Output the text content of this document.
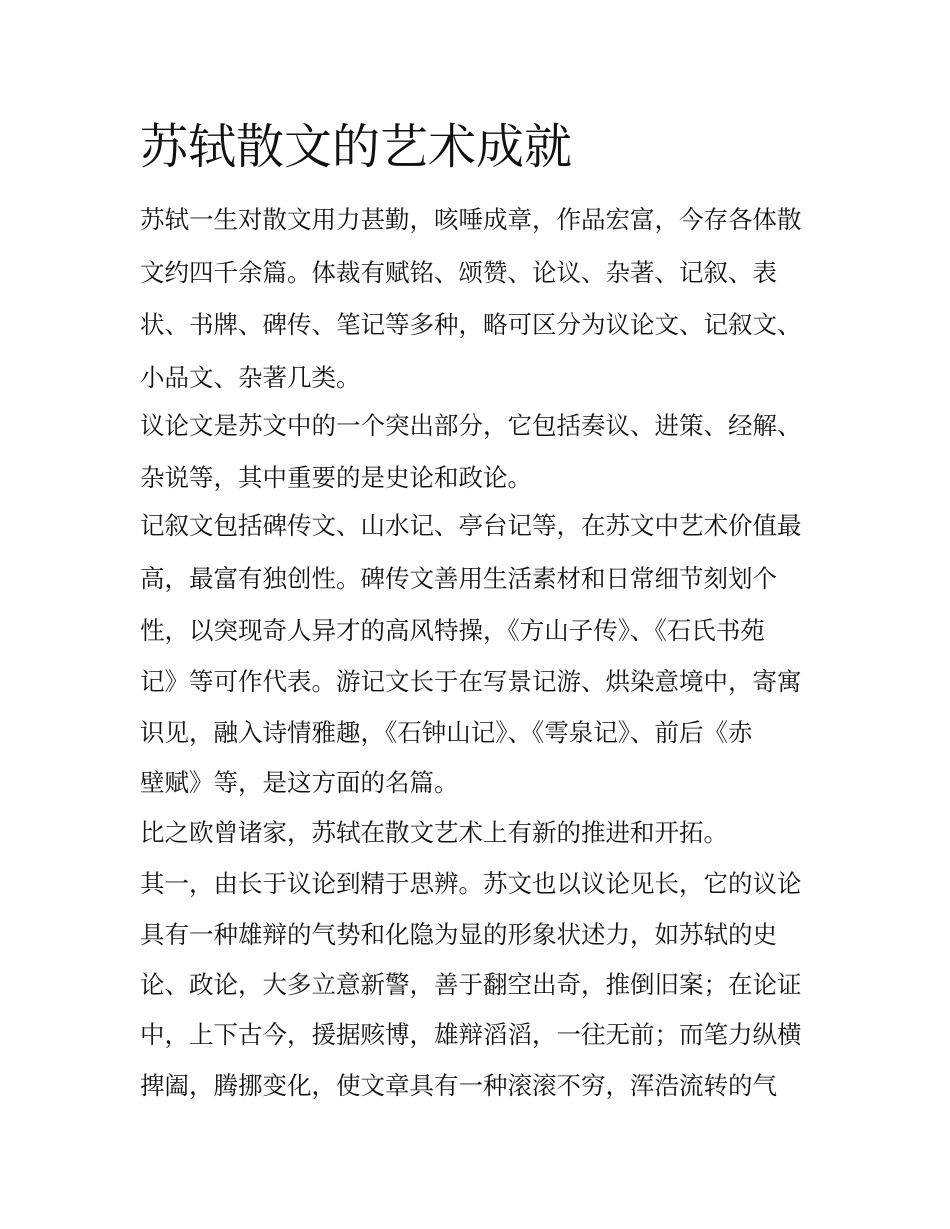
苏轼散文的艺术成就

苏轼一生对散文用力甚勤，咳唾成章，作品宏富，今存各体散

文约四千余篇。体裁有赋铭、颂赞、论议、杂著、记叙、表

状、书牌、碑传、笔记等多种，略可区分为议论文、记叙文、

小品文、杂著几类。

议论文是苏文中的一个突出部分，它包括奏议、进策、经解、

杂说等，其中重要的是史论和政论。

记叙文包括碑传文、山水记、亭台记等，在苏文中艺术价值最

高，最富有独创性。碑传文善用生活素材和日常细节刻划个

性，以突现奇人异才的高风特操，《方山子传》、《石氏书苑

记》等可作代表。游记文长于在写景记游、烘染意境中，寄寓

识见，融入诗情雅趣，《石钟山记》、《雩泉记》、前后《赤

壁赋》等，是这方面的名篇。

比之欧曾诸家，苏轼在散文艺术上有新的推进和开拓。

其一，由长于议论到精于思辨。苏文也以议论见长，它的议论

具有一种雄辩的气势和化隐为显的形象状述力，如苏轼的史

论、政论，大多立意新警，善于翻空出奇，推倒旧案；在论证

中，上下古今，援据赅博，雄辩滔滔，一往无前；而笔力纵横

捭阖，腾挪变化，使文章具有一种滚滚不穷，浑浩流转的气
